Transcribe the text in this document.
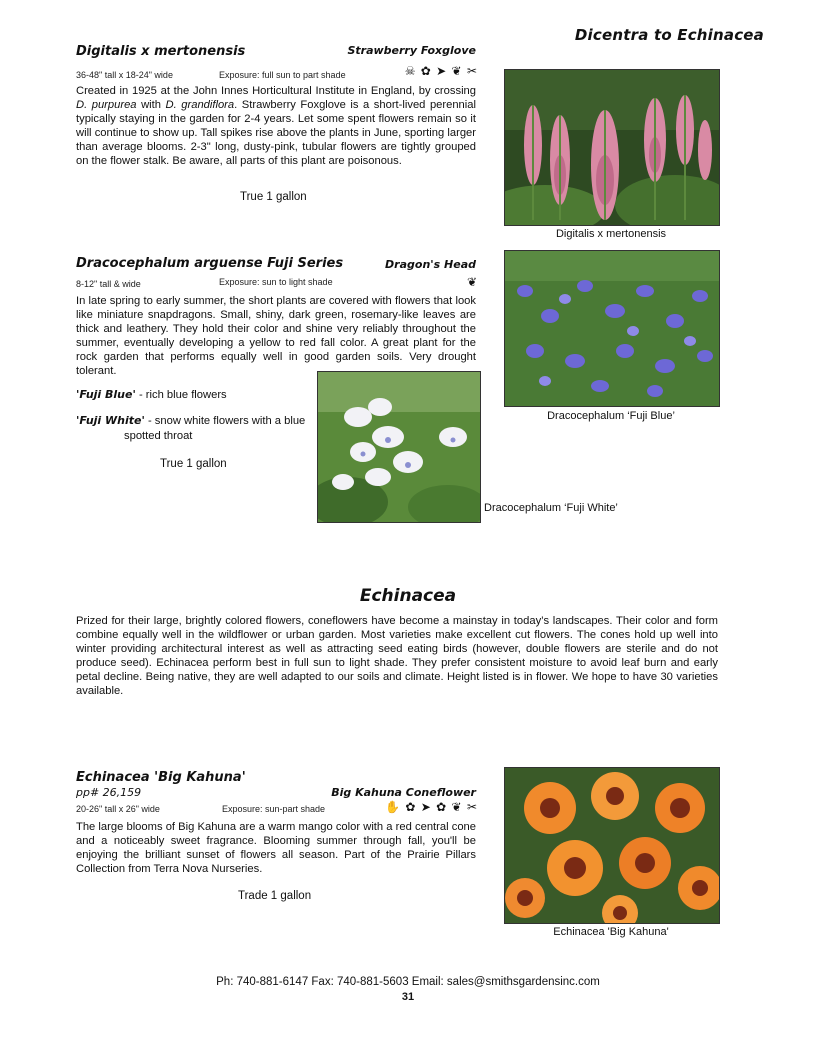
Dicentra to Echinacea
Digitalis x mertonensis	Strawberry Foxglove
36-48" tall x 18-24" wide	Exposure: full sun to part shade	☠ ✿ ➤ ❦ ✂
Created in 1925 at the John Innes Horticultural Institute in England, by crossing D. purpurea with D. grandiflora. Strawberry Foxglove is a short-lived perennial typically staying in the garden for 2-4 years. Let some spent flowers remain so it will continue to show up. Tall spikes rise above the plants in June, sporting larger than average blooms. 2-3" long, dusty-pink, tubular flowers are tightly grouped on the flower stalk. Be aware, all parts of this plant are poisonous.
True 1 gallon
Digitalis x mertonensis
Dracocephalum arguense Fuji Series	Dragon's Head
❦
8-12" tall & wide	Exposure: sun to light shade
In late spring to early summer, the short plants are covered with flowers that look like miniature snapdragons. Small, shiny, dark green, rosemary-like leaves are thick and leathery. They hold their color and shine very reliably throughout the summer, eventually developing a yellow to red fall color. A great plant for the rock garden that performs equally well in good garden soils. Very drought tolerant.
'Fuji Blue' - rich blue flowers
'Fuji White' - snow white flowers with a blue
spotted throat
True 1 gallon
Dracocephalum ‘Fuji Blue’
Dracocephalum ‘Fuji White’
Echinacea
Prized for their large, brightly colored flowers, coneflowers have become a mainstay in today’s landscapes. Their color and form combine equally well in the wildflower or urban garden. Most varieties make excellent cut flowers. The cones hold up well into winter providing architectural interest as well as attracting seed eating birds (however, double flowers are sterile and do not produce seed). Echinacea perform best in full sun to light shade. They prefer consistent moisture to avoid leaf burn and early petal decline. Being native, they are well adapted to our soils and climate. Height listed is in flower. We hope to have 30 varieties available.
Echinacea 'Big Kahuna'
pp# 26,159	Big Kahuna Coneflower
20-26" tall x 26" wide	Exposure: sun-part shade	✋ ✿ ➤ ✿ ❦ ✂
The large blooms of Big Kahuna are a warm mango color with a red central cone and a noticeably sweet fragrance. Blooming summer through fall, you'll be enjoying the brilliant sunset of flowers all season. Part of the Prairie Pillars Collection from Terra Nova Nurseries.
Trade 1 gallon
Echinacea 'Big Kahuna'
Ph: 740-881-6147 Fax: 740-881-5603 Email: sales@smithsgardensinc.com
31
